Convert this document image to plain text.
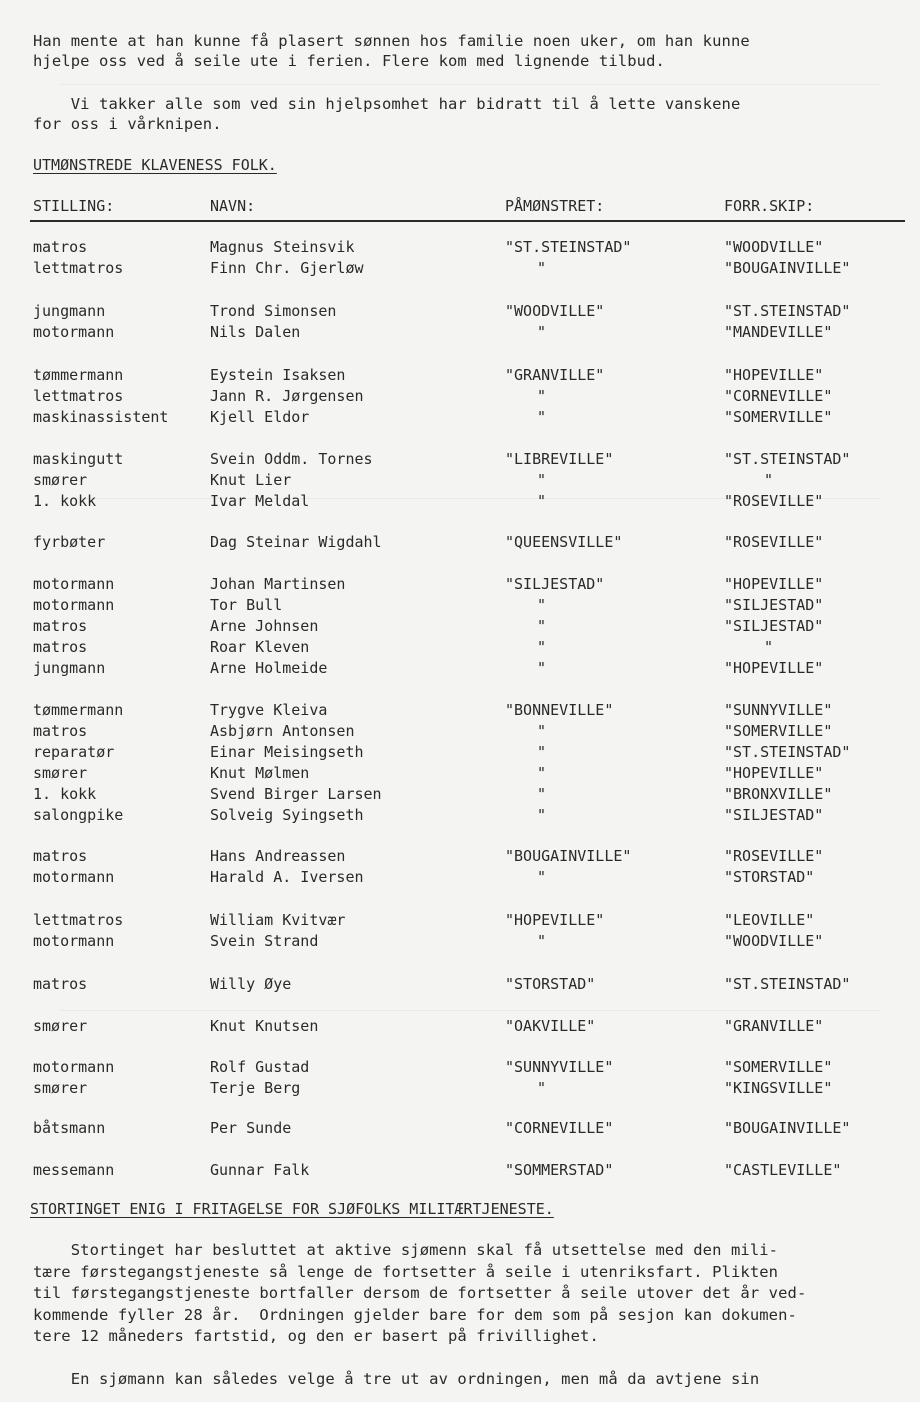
Han mente at han kunne få plasert sønnen hos familie noen uker, om han kunne
hjelpe oss ved å seile ute i ferien. Flere kom med lignende tilbud.
Vi takker alle som ved sin hjelpsomhet har bidratt til å lette vanskene
for oss i vårknipen.
UTMØNSTREDE KLAVENESS FOLK.
STILLING:	NAVN:	PÅMØNSTRET:	FORR.SKIP:
matros	Magnus Steinsvik	"ST.STEINSTAD"	"WOODVILLE"
lettmatros	Finn Chr. Gjerløw	"	"BOUGAINVILLE"
jungmann	Trond Simonsen	"WOODVILLE"	"ST.STEINSTAD"
motormann	Nils Dalen	"	"MANDEVILLE"
tømmermann	Eystein Isaksen	"GRANVILLE"	"HOPEVILLE"
lettmatros	Jann R. Jørgensen	"	"CORNEVILLE"
maskinassistent	Kjell Eldor	"	"SOMERVILLE"
maskingutt	Svein Oddm. Tornes	"LIBREVILLE"	"ST.STEINSTAD"
smører	Knut Lier	"	"
1. kokk	Ivar Meldal	"	"ROSEVILLE"
fyrbøter	Dag Steinar Wigdahl	"QUEENSVILLE"	"ROSEVILLE"
motormann	Johan Martinsen	"SILJESTAD"	"HOPEVILLE"
motormann	Tor Bull	"	"SILJESTAD"
matros	Arne Johnsen	"	"SILJESTAD"
matros	Roar Kleven	"	"
jungmann	Arne Holmeide	"	"HOPEVILLE"
tømmermann	Trygve Kleiva	"BONNEVILLE"	"SUNNYVILLE"
matros	Asbjørn Antonsen	"	"SOMERVILLE"
reparatør	Einar Meisingseth	"	"ST.STEINSTAD"
smører	Knut Mølmen	"	"HOPEVILLE"
1. kokk	Svend Birger Larsen	"	"BRONXVILLE"
salongpike	Solveig Syingseth	"	"SILJESTAD"
matros	Hans Andreassen	"BOUGAINVILLE"	"ROSEVILLE"
motormann	Harald A. Iversen	"	"STORSTAD"
lettmatros	William Kvitvær	"HOPEVILLE"	"LEOVILLE"
motormann	Svein Strand	"	"WOODVILLE"
matros	Willy Øye	"STORSTAD"	"ST.STEINSTAD"
smører	Knut Knutsen	"OAKVILLE"	"GRANVILLE"
motormann	Rolf Gustad	"SUNNYVILLE"	"SOMERVILLE"
smører	Terje Berg	"	"KINGSVILLE"
båtsmann	Per Sunde	"CORNEVILLE"	"BOUGAINVILLE"
messemann	Gunnar Falk	"SOMMERSTAD"	"CASTLEVILLE"
STORTINGET ENIG I FRITAGELSE FOR SJØFOLKS MILITÆRTJENESTE.
Stortinget har besluttet at aktive sjømenn skal få utsettelse med den mili-
tære førstegangstjeneste så lenge de fortsetter å seile i utenriksfart. Plikten
til førstegangstjeneste bortfaller dersom de fortsetter å seile utover det år ved-
kommende fyller 28 år.  Ordningen gjelder bare for dem som på sesjon kan dokumen-
tere 12 måneders fartstid, og den er basert på frivillighet.
En sjømann kan således velge å tre ut av ordningen, men må da avtjene sin
